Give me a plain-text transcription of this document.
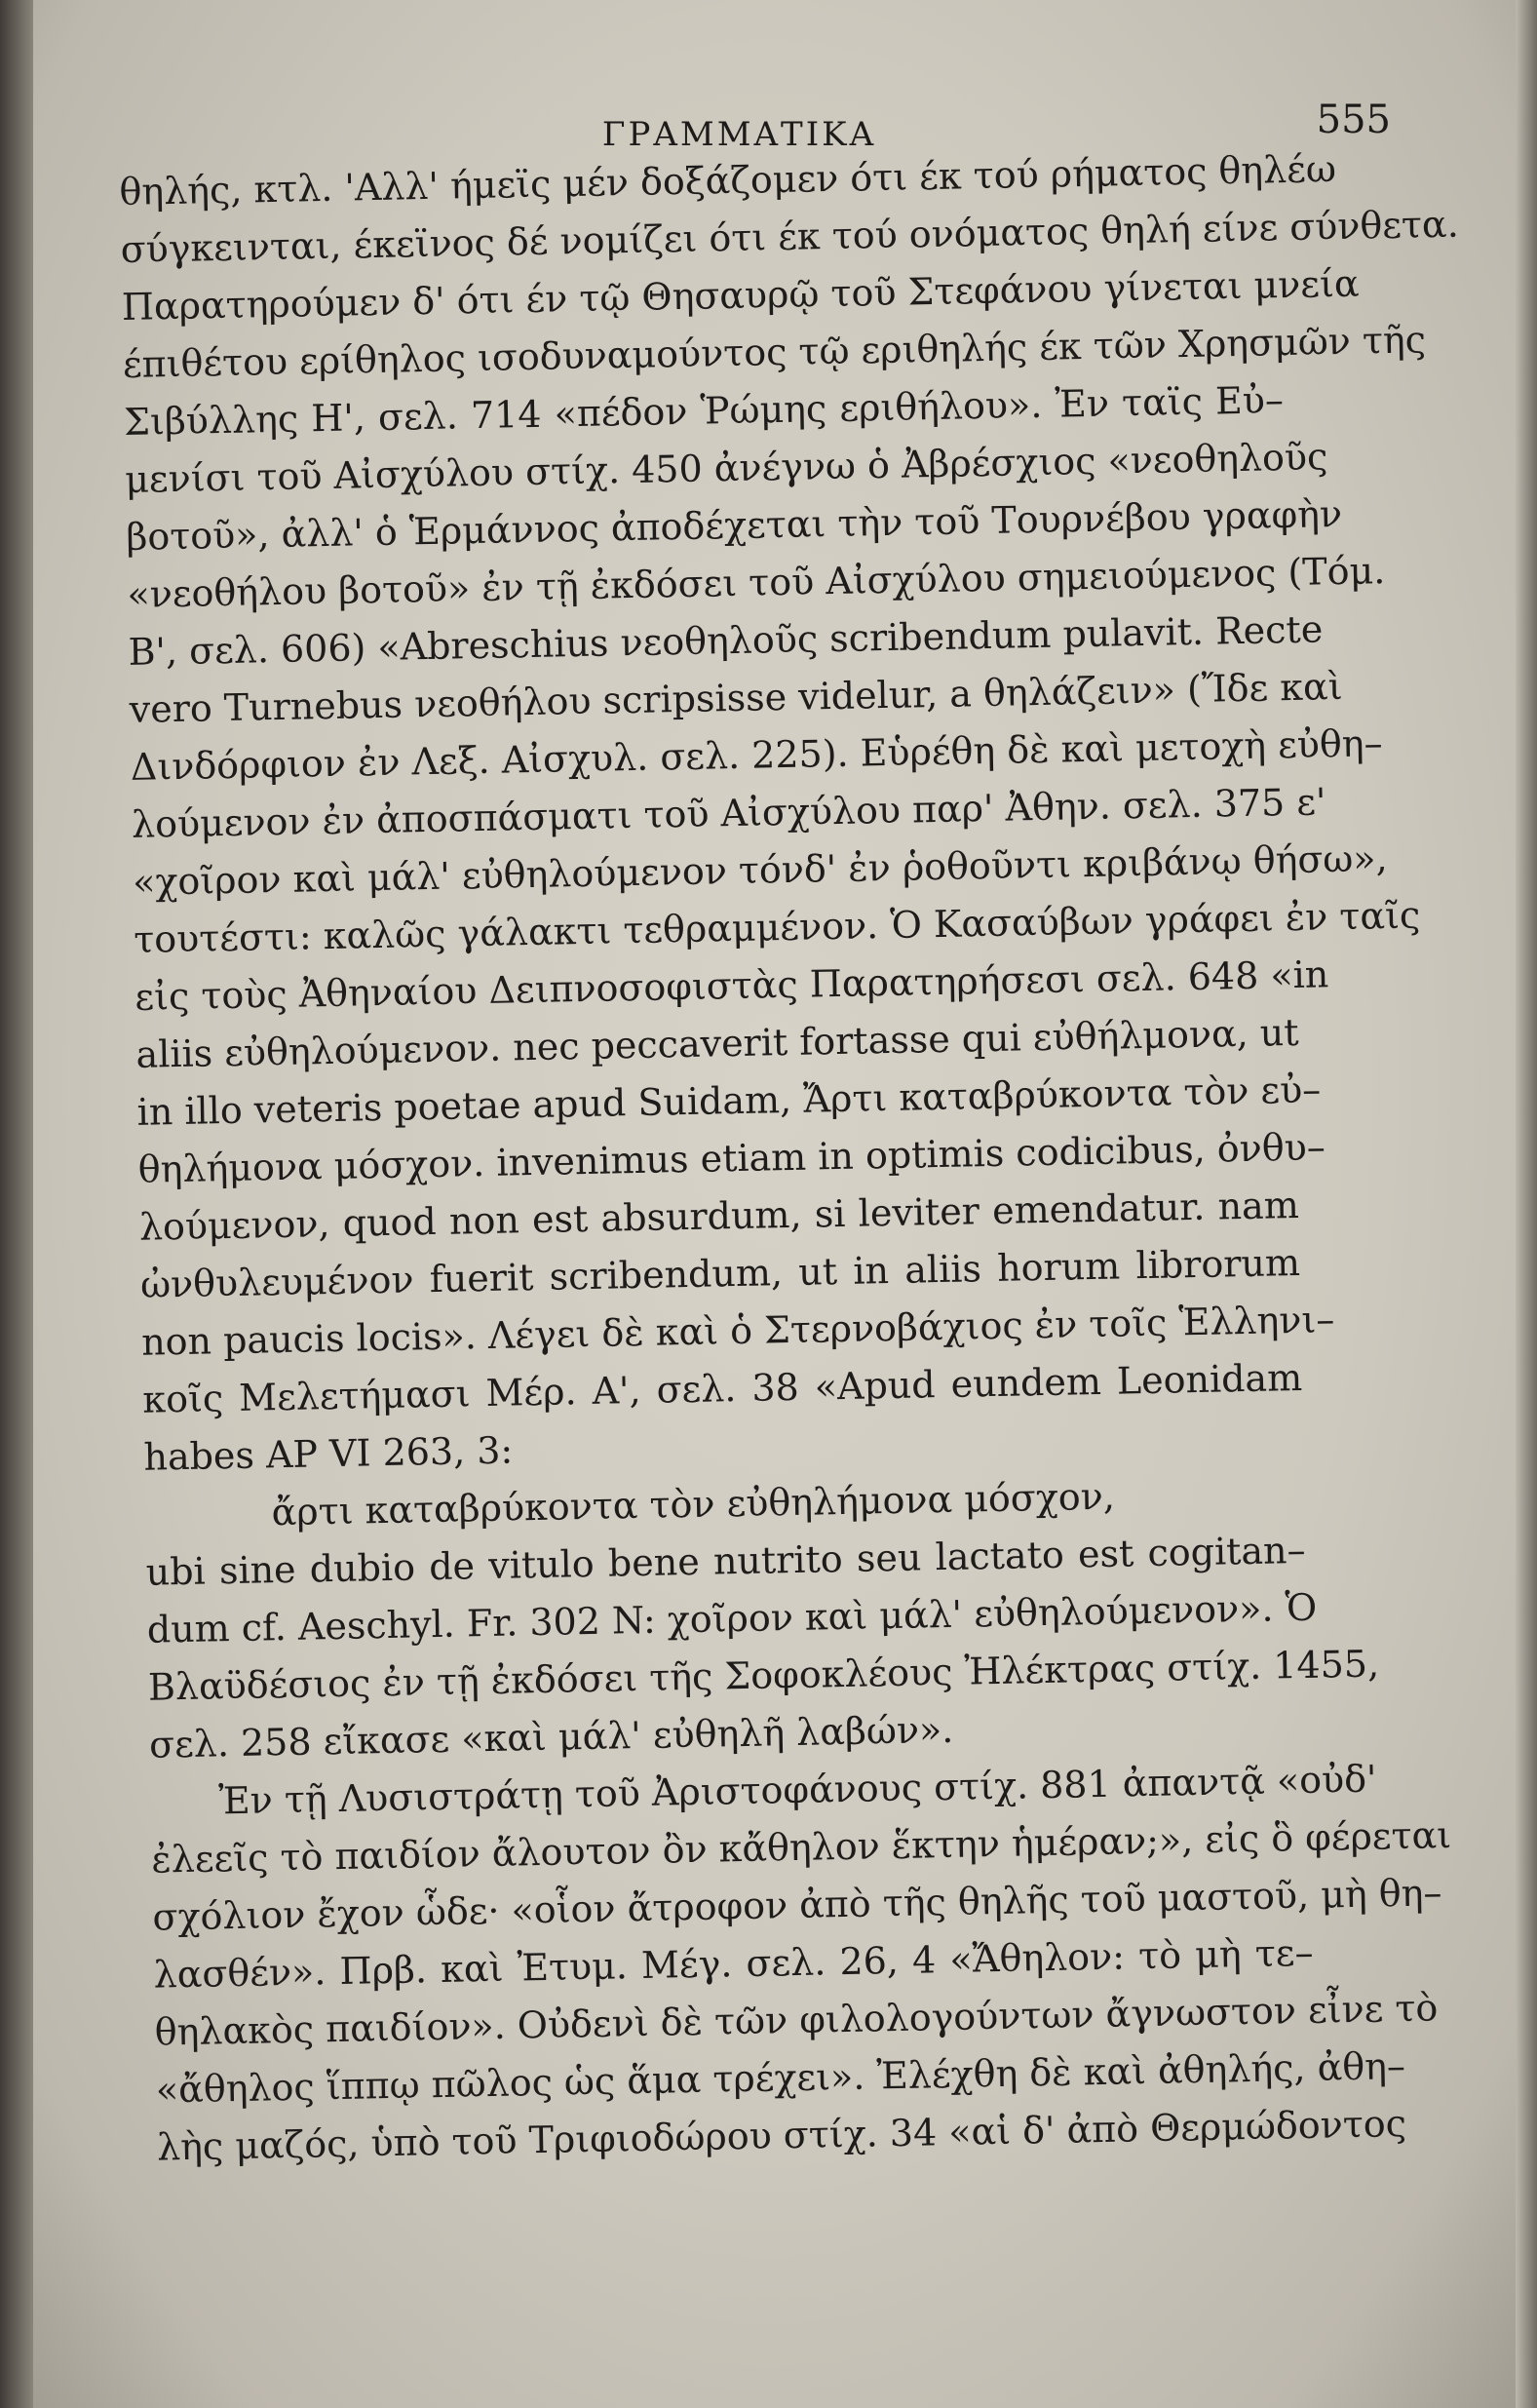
ΓΡΑΜΜΑΤΙΚΑ	555
θηλής, κτλ. 'Αλλ' ήμεϊς μέν δοξάζομεν ότι έκ τού ρήματος θηλέω
σύγκεινται, έκεϊνος δέ νομίζει ότι έκ τού ονόματος θηλή είνε σύνθετα.
Παρατηρούμεν δ' ότι έν τῷ Θησαυρῷ τοῦ Στεφάνου γίνεται μνεία
έπιθέτου ερίθηλος ισοδυναμούντος τῷ εριθηλής έκ τῶν Χρησμῶν τῆς
Σιβύλλης Η', σελ. 714 «πέδον Ῥώμης εριθήλου». Ἐν ταϊς Εὐ–
μενίσι τοῦ Αἰσχύλου στίχ. 450 ἀνέγνω ὁ Ἀβρέσχιος «νεοθηλοῦς
βοτοῦ», ἀλλ' ὁ Ἑρμάννος ἀποδέχεται τὴν τοῦ Τουρνέβου γραφὴν
«νεοθήλου βοτοῦ» ἐν τῇ ἐκδόσει τοῦ Αἰσχύλου σημειούμενος (Τόμ.
Β', σελ. 606) «Abreschius νεοθηλοῦς scribendum pulavit. Recte
vero Turnebus νεοθήλου scripsisse videlur, a θηλάζειν» (Ἴδε καὶ
Δινδόρφιον ἐν Λεξ. Αἰσχυλ. σελ. 225). Εὑρέθη δὲ καὶ μετοχὴ εὐθη–
λούμενον ἐν ἀποσπάσματι τοῦ Αἰσχύλου παρ' Ἀθην. σελ. 375 ε'
«χοῖρον καὶ μάλ' εὐθηλούμενον τόνδ' ἐν ῥοθοῦντι κριβάνῳ θήσω»,
τουτέστι: καλῶς γάλακτι τεθραμμένον. Ὁ Κασαύβων γράφει ἐν ταῖς
εἰς τοὺς Ἀθηναίου Δειπνοσοφιστὰς Παρατηρήσεσι σελ. 648 «in
aliis εὐθηλούμενον. nec peccaverit fortasse qui εὐθήλμονα, ut
in illo veteris poetae apud Suidam, Ἄρτι καταβρύκοντα τὸν εὐ–
θηλήμονα μόσχον. invenimus etiam in optimis codicibus, ὀνθυ–
λούμενον, quod non est absurdum, si leviter emendatur. nam
ὠνθυλευμένον fuerit scribendum, ut in aliis horum librorum
non paucis locis». Λέγει δὲ καὶ ὁ Στερνοβάχιος ἐν τοῖς Ἑλληνι–
κοῖς Μελετήμασι Μέρ. Α', σελ. 38 «Apud eundem Leonidam
habes AP VI 263, 3:
ἄρτι καταβρύκοντα τὸν εὐθηλήμονα μόσχον,
ubi sine dubio de vitulo bene nutrito seu lactato est cogitan–
dum cf. Aeschyl. Fr. 302 N: χοῖρον καὶ μάλ' εὐθηλούμενον». Ὁ
Βλαϋδέσιος ἐν τῇ ἐκδόσει τῆς Σοφοκλέους Ἠλέκτρας στίχ. 1455,
σελ. 258 εἴκασε «καὶ μάλ' εὐθηλῆ λαβών».
Ἐν τῇ Λυσιστράτῃ τοῦ Ἀριστοφάνους στίχ. 881 ἀπαντᾷ «οὐδ'
ἐλεεῖς τὸ παιδίον ἄλουτον ὂν κἄθηλον ἕκτην ἡμέραν;», εἰς ὃ φέρεται
σχόλιον ἔχον ὧδε· «οἷον ἄτροφον ἀπὸ τῆς θηλῆς τοῦ μαστοῦ, μὴ θη–
λασθέν». Πρβ. καὶ Ἐτυμ. Μέγ. σελ. 26, 4 «Ἄθηλον: τὸ μὴ τε–
θηλακὸς παιδίον». Οὐδενὶ δὲ τῶν φιλολογούντων ἄγνωστον εἶνε τὸ
«ἄθηλος ἵππῳ πῶλος ὡς ἅμα τρέχει». Ἐλέχθη δὲ καὶ ἀθηλής, ἀθη–
λὴς μαζός, ὑπὸ τοῦ Τριφιοδώρου στίχ. 34 «αἱ δ' ἀπὸ Θερμώδοντος
